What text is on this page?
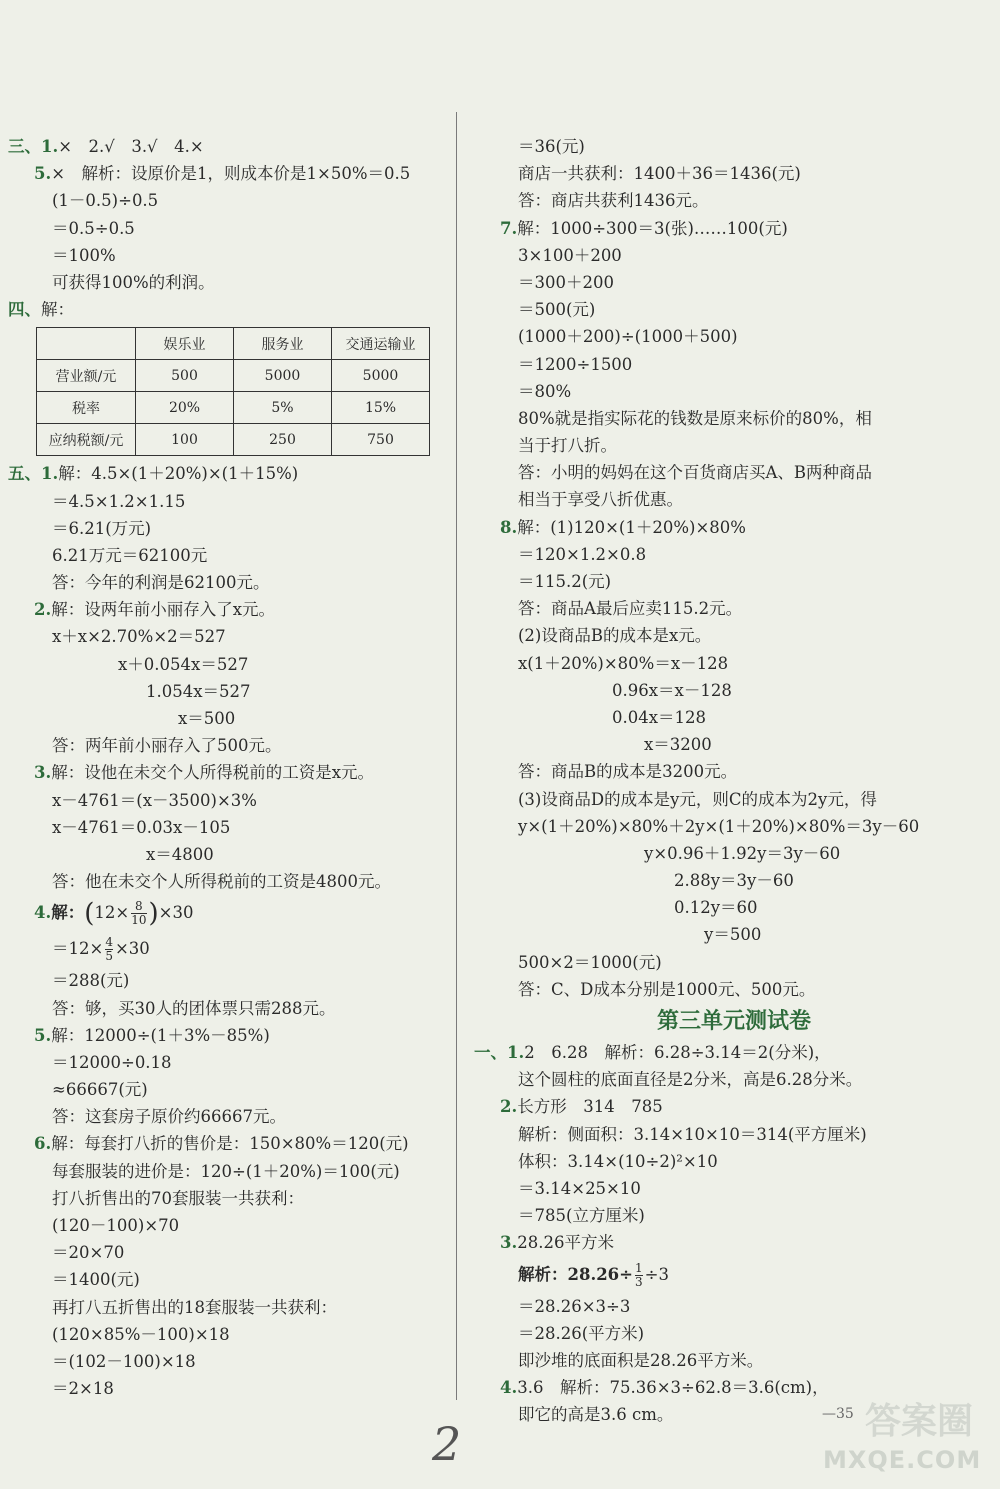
三、1.×　2.√　3.√　4.×
5.×　解析：设原价是1，则成本价是1×50%＝0.5
(1－0.5)÷0.5
＝0.5÷0.5
＝100%
可获得100%的利润。
四、解：
	娱乐业	服务业	交通运输业
营业额/元	500	5000	5000
税率	20%	5%	15%
应纳税额/元	100	250	750
五、1.解：4.5×(1＋20%)×(1＋15%)
＝4.5×1.2×1.15
＝6.21(万元)
6.21万元＝62100元
答：今年的利润是62100元。
2.解：设两年前小丽存入了x元。
x＋x×2.70%×2＝527
x＋0.054x＝527
1.054x＝527
x＝500
答：两年前小丽存入了500元。
3.解：设他在未交个人所得税前的工资是x元。
x－4761＝(x－3500)×3%
x－4761＝0.03x－105
x＝4800
答：他在未交个人所得税前的工资是4800元。
4.解：$(12\times \frac{8}{10} )\times 30$
$=12\times \frac{4}{5} \times 30$
＝288(元)
答：够，买30人的团体票只需288元。
5.解：12000÷(1＋3%－85%)
＝12000÷0.18
≈66667(元)
答：这套房子原价约66667元。
6.解：每套打八折的售价是：150×80%＝120(元)
每套服装的进价是：120÷(1＋20%)＝100(元)
打八折售出的70套服装一共获利：
(120－100)×70
＝20×70
＝1400(元)
再打八五折售出的18套服装一共获利：
(120×85%－100)×18
＝(102－100)×18
＝2×18
＝36(元)
商店一共获利：1400＋36＝1436(元)
答：商店共获利1436元。
7.解：1000÷300＝3(张)……100(元)
3×100＋200
＝300＋200
＝500(元)
(1000＋200)÷(1000＋500)
＝1200÷1500
＝80%
80%就是指实际花的钱数是原来标价的80%，相
当于打八折。
答：小明的妈妈在这个百货商店买A、B两种商品
相当于享受八折优惠。
8.解：(1)120×(1＋20%)×80%
＝120×1.2×0.8
＝115.2(元)
答：商品A最后应卖115.2元。
(2)设商品B的成本是x元。
x(1＋20%)×80%＝x－128
0.96x＝x－128
0.04x＝128
x＝3200
答：商品B的成本是3200元。
(3)设商品D的成本是y元，则C的成本为2y元，得
y×(1＋20%)×80%＋2y×(1＋20%)×80%＝3y－60
y×0.96＋1.92y＝3y－60
2.88y＝3y－60
0.12y＝60
y＝500
500×2＝1000(元)
答：C、D成本分别是1000元、500元。
第三单元测试卷
一、1.2　6.28　解析：6.28÷3.14＝2(分米)，
这个圆柱的底面直径是2分米，高是6.28分米。
2.长方形　314　785
解析：侧面积：3.14×10×10＝314(平方厘米)
体积：3.14×(10÷2)²×10
＝3.14×25×10
＝785(立方厘米)
3.28.26平方米
解析：$28.26\div \frac{1}{3} \div 3$
＝28.26×3÷3
＝28.26(平方米)
即沙堆的底面积是28.26平方米。
4.3.6　解析：75.36×3÷62.8＝3.6(cm)，
即它的高是3.6 cm。	—35
2	答案圈
MXQE.COM
